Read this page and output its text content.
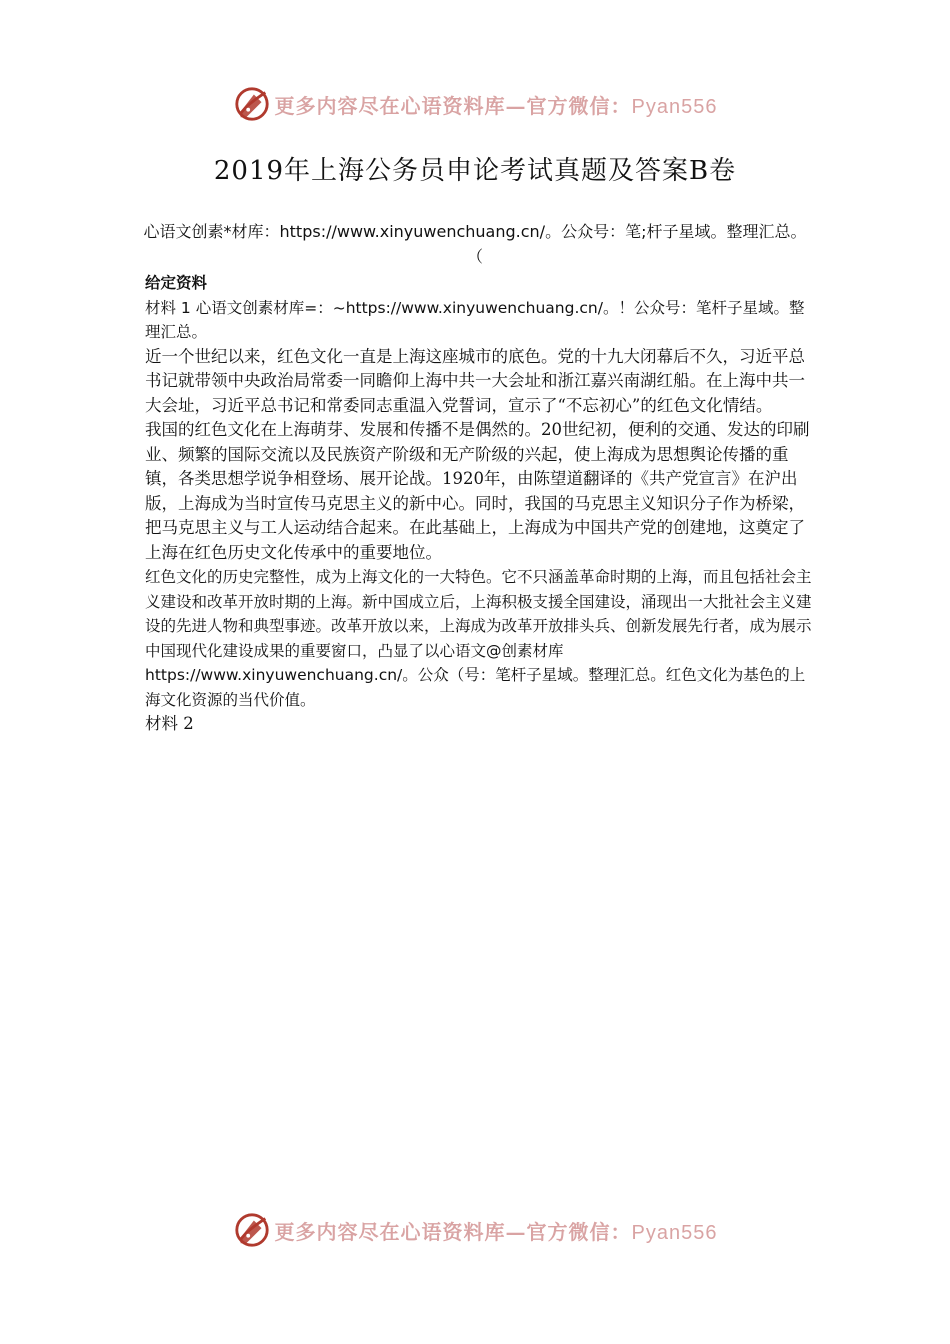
更多内容尽在心语资料库—官方微信：Pyan556
2019年上海公务员申论考试真题及答案B卷
心语文创素*材库：https://www.xinyuwenchuang.cn/。公众号：笔;杆子星域。整理汇总。（

给定资料

材料 1 心语文创素材库=：~https://www.xinyuwenchuang.cn/。！公众号：笔杆子星域。整理汇总。

近一个世纪以来，红色文化一直是上海这座城市的底色。党的十九大闭幕后不久，习近平总书记就带领中央政治局常委一同瞻仰上海中共一大会址和浙江嘉兴南湖红船。在上海中共一大会址，习近平总书记和常委同志重温入党誓词，宣示了“不忘初心”的红色文化情结。

我国的红色文化在上海萌芽、发展和传播不是偶然的。20世纪初，便利的交通、发达的印刷业、频繁的国际交流以及民族资产阶级和无产阶级的兴起，使上海成为思想舆论传播的重镇，各类思想学说争相登场、展开论战。1920年，由陈望道翻译的《共产党宣言》在沪出版，上海成为当时宣传马克思主义的新中心。同时，我国的马克思主义知识分子作为桥梁，把马克思主义与工人运动结合起来。在此基础上，上海成为中国共产党的创建地，这奠定了上海在红色历史文化传承中的重要地位。

红色文化的历史完整性，成为上海文化的一大特色。它不只涵盖革命时期的上海，而且包括社会主义建设和改革开放时期的上海。新中国成立后，上海积极支援全国建设，涌现出一大批社会主义建设的先进人物和典型事迹。改革开放以来，上海成为改革开放排头兵、创新发展先行者，成为展示中国现代化建设成果的重要窗口，凸显了以心语文@创素材库https://www.xinyuwenchuang.cn/。公众（号：笔杆子星域。整理汇总。红色文化为基色的上海文化资源的当代价值。

材料 2

更多内容尽在心语资料库—官方微信：Pyan556
